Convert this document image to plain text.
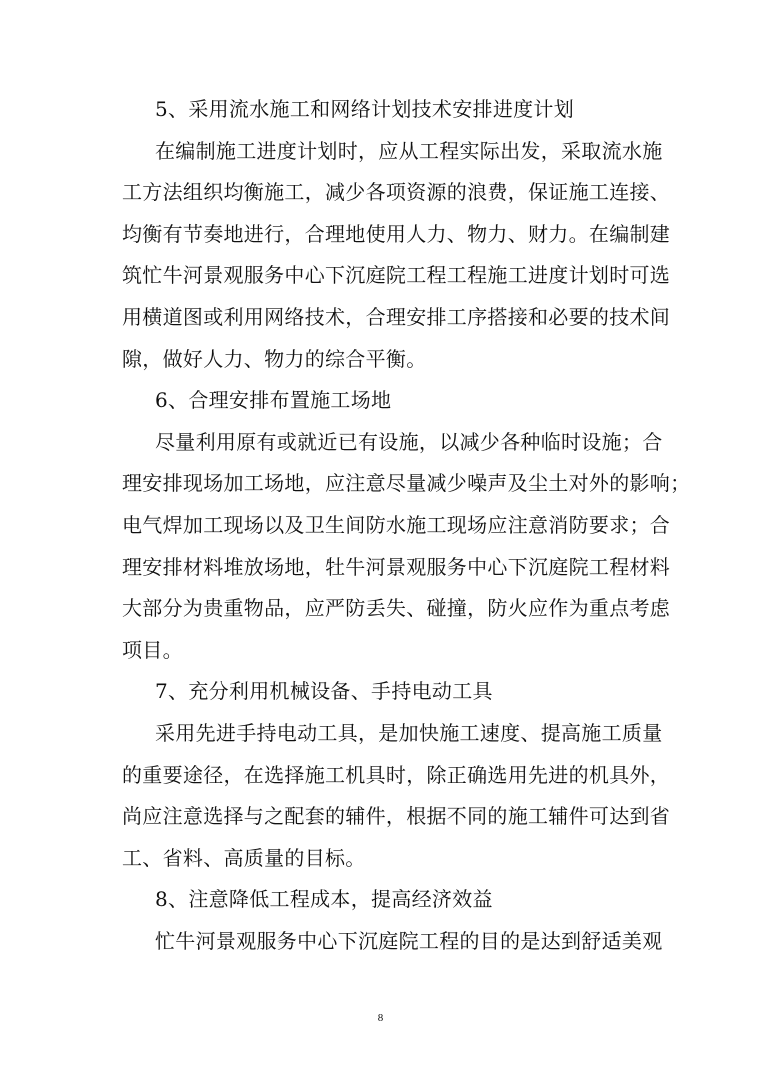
5、采用流水施工和网络计划技术安排进度计划
在编制施工进度计划时，应从工程实际出发，采取流水施
工方法组织均衡施工，减少各项资源的浪费，保证施工连接、
均衡有节奏地进行，合理地使用人力、物力、财力。在编制建
筑忙牛河景观服务中心下沉庭院工程工程施工进度计划时可选
用横道图或利用网络技术，合理安排工序搭接和必要的技术间
隙，做好人力、物力的综合平衡。
6、合理安排布置施工场地
尽量利用原有或就近已有设施，以减少各种临时设施；合
理安排现场加工场地，应注意尽量减少噪声及尘土对外的影响；
电气焊加工现场以及卫生间防水施工现场应注意消防要求；合
理安排材料堆放场地，牡牛河景观服务中心下沉庭院工程材料
大部分为贵重物品，应严防丢失、碰撞，防火应作为重点考虑
项目。
7、充分利用机械设备、手持电动工具
采用先进手持电动工具，是加快施工速度、提高施工质量
的重要途径，在选择施工机具时，除正确选用先进的机具外，
尚应注意选择与之配套的辅件，根据不同的施工辅件可达到省
工、省料、高质量的目标。
8、注意降低工程成本，提高经济效益
忙牛河景观服务中心下沉庭院工程的目的是达到舒适美观
8
